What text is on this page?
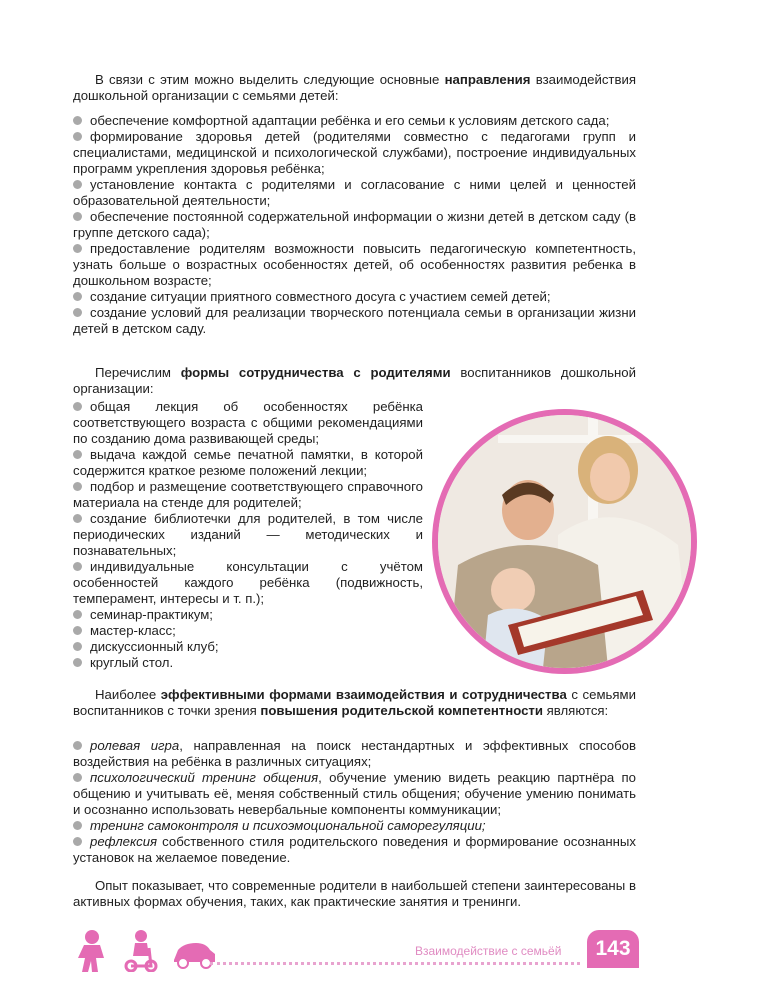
В связи с этим можно выделить следующие основные направления взаимодействия дошкольной организации с семьями детей:

обеспечение комфортной адаптации ребёнка и его семьи к условиям детского сада;
формирование здоровья детей (родителями совместно с педагогами групп и специалистами, медицинской и психологической службами), построение индивидуальных программ укрепления здоровья ребёнка;
установление контакта с родителями и согласование с ними целей и ценностей образовательной деятельности;
обеспечение постоянной содержательной информации о жизни детей в детском саду (в группе детского сада);
предоставление родителям возможности повысить педагогическую компетентность, узнать больше о возрастных особенностях детей, об особенностях развития ребенка в дошкольном возрасте;
создание ситуации приятного совместного досуга с участием семей детей;
создание условий для реализации творческого потенциала семьи в организации жизни детей в детском саду.

Перечислим формы сотрудничества с родителями воспитанников дошкольной организации:

общая лекция об особенностях ребёнка соответствующего возраста с общими рекомендациями по созданию дома развивающей среды;
выдача каждой семье печатной памятки, в которой содержится краткое резюме положений лекции;
подбор и размещение соответствующего справочного материала на стенде для родителей;
создание библиотечки для родителей, в том числе периодических изданий — методических и познавательных;
индивидуальные консультации с учётом особенностей каждого ребёнка (подвижность, темперамент, интересы и т. п.);
семинар-практикум;
мастер-класс;
дискуссионный клуб;
круглый стол.

Наиболее эффективными формами взаимодействия и сотрудничества с семьями воспитанников с точки зрения повышения родительской компетентности являются:

ролевая игра, направленная на поиск нестандартных и эффективных способов воздействия на ребёнка в различных ситуациях;
психологический тренинг общения, обучение умению видеть реакцию партнёра по общению и учитывать её, меняя собственный стиль общения; обучение умению понимать и осознанно использовать невербальные компоненты коммуникации;
тренинг самоконтроля и психоэмоциональной саморегуляции;
рефлексия собственного стиля родительского поведения и формирование осознанных установок на желаемое поведение.

Опыт показывает, что современные родители в наибольшей степени заинтересованы в активных формах обучения, таких, как практические занятия и тренинги.

Взаимодействие с семьёй	143
